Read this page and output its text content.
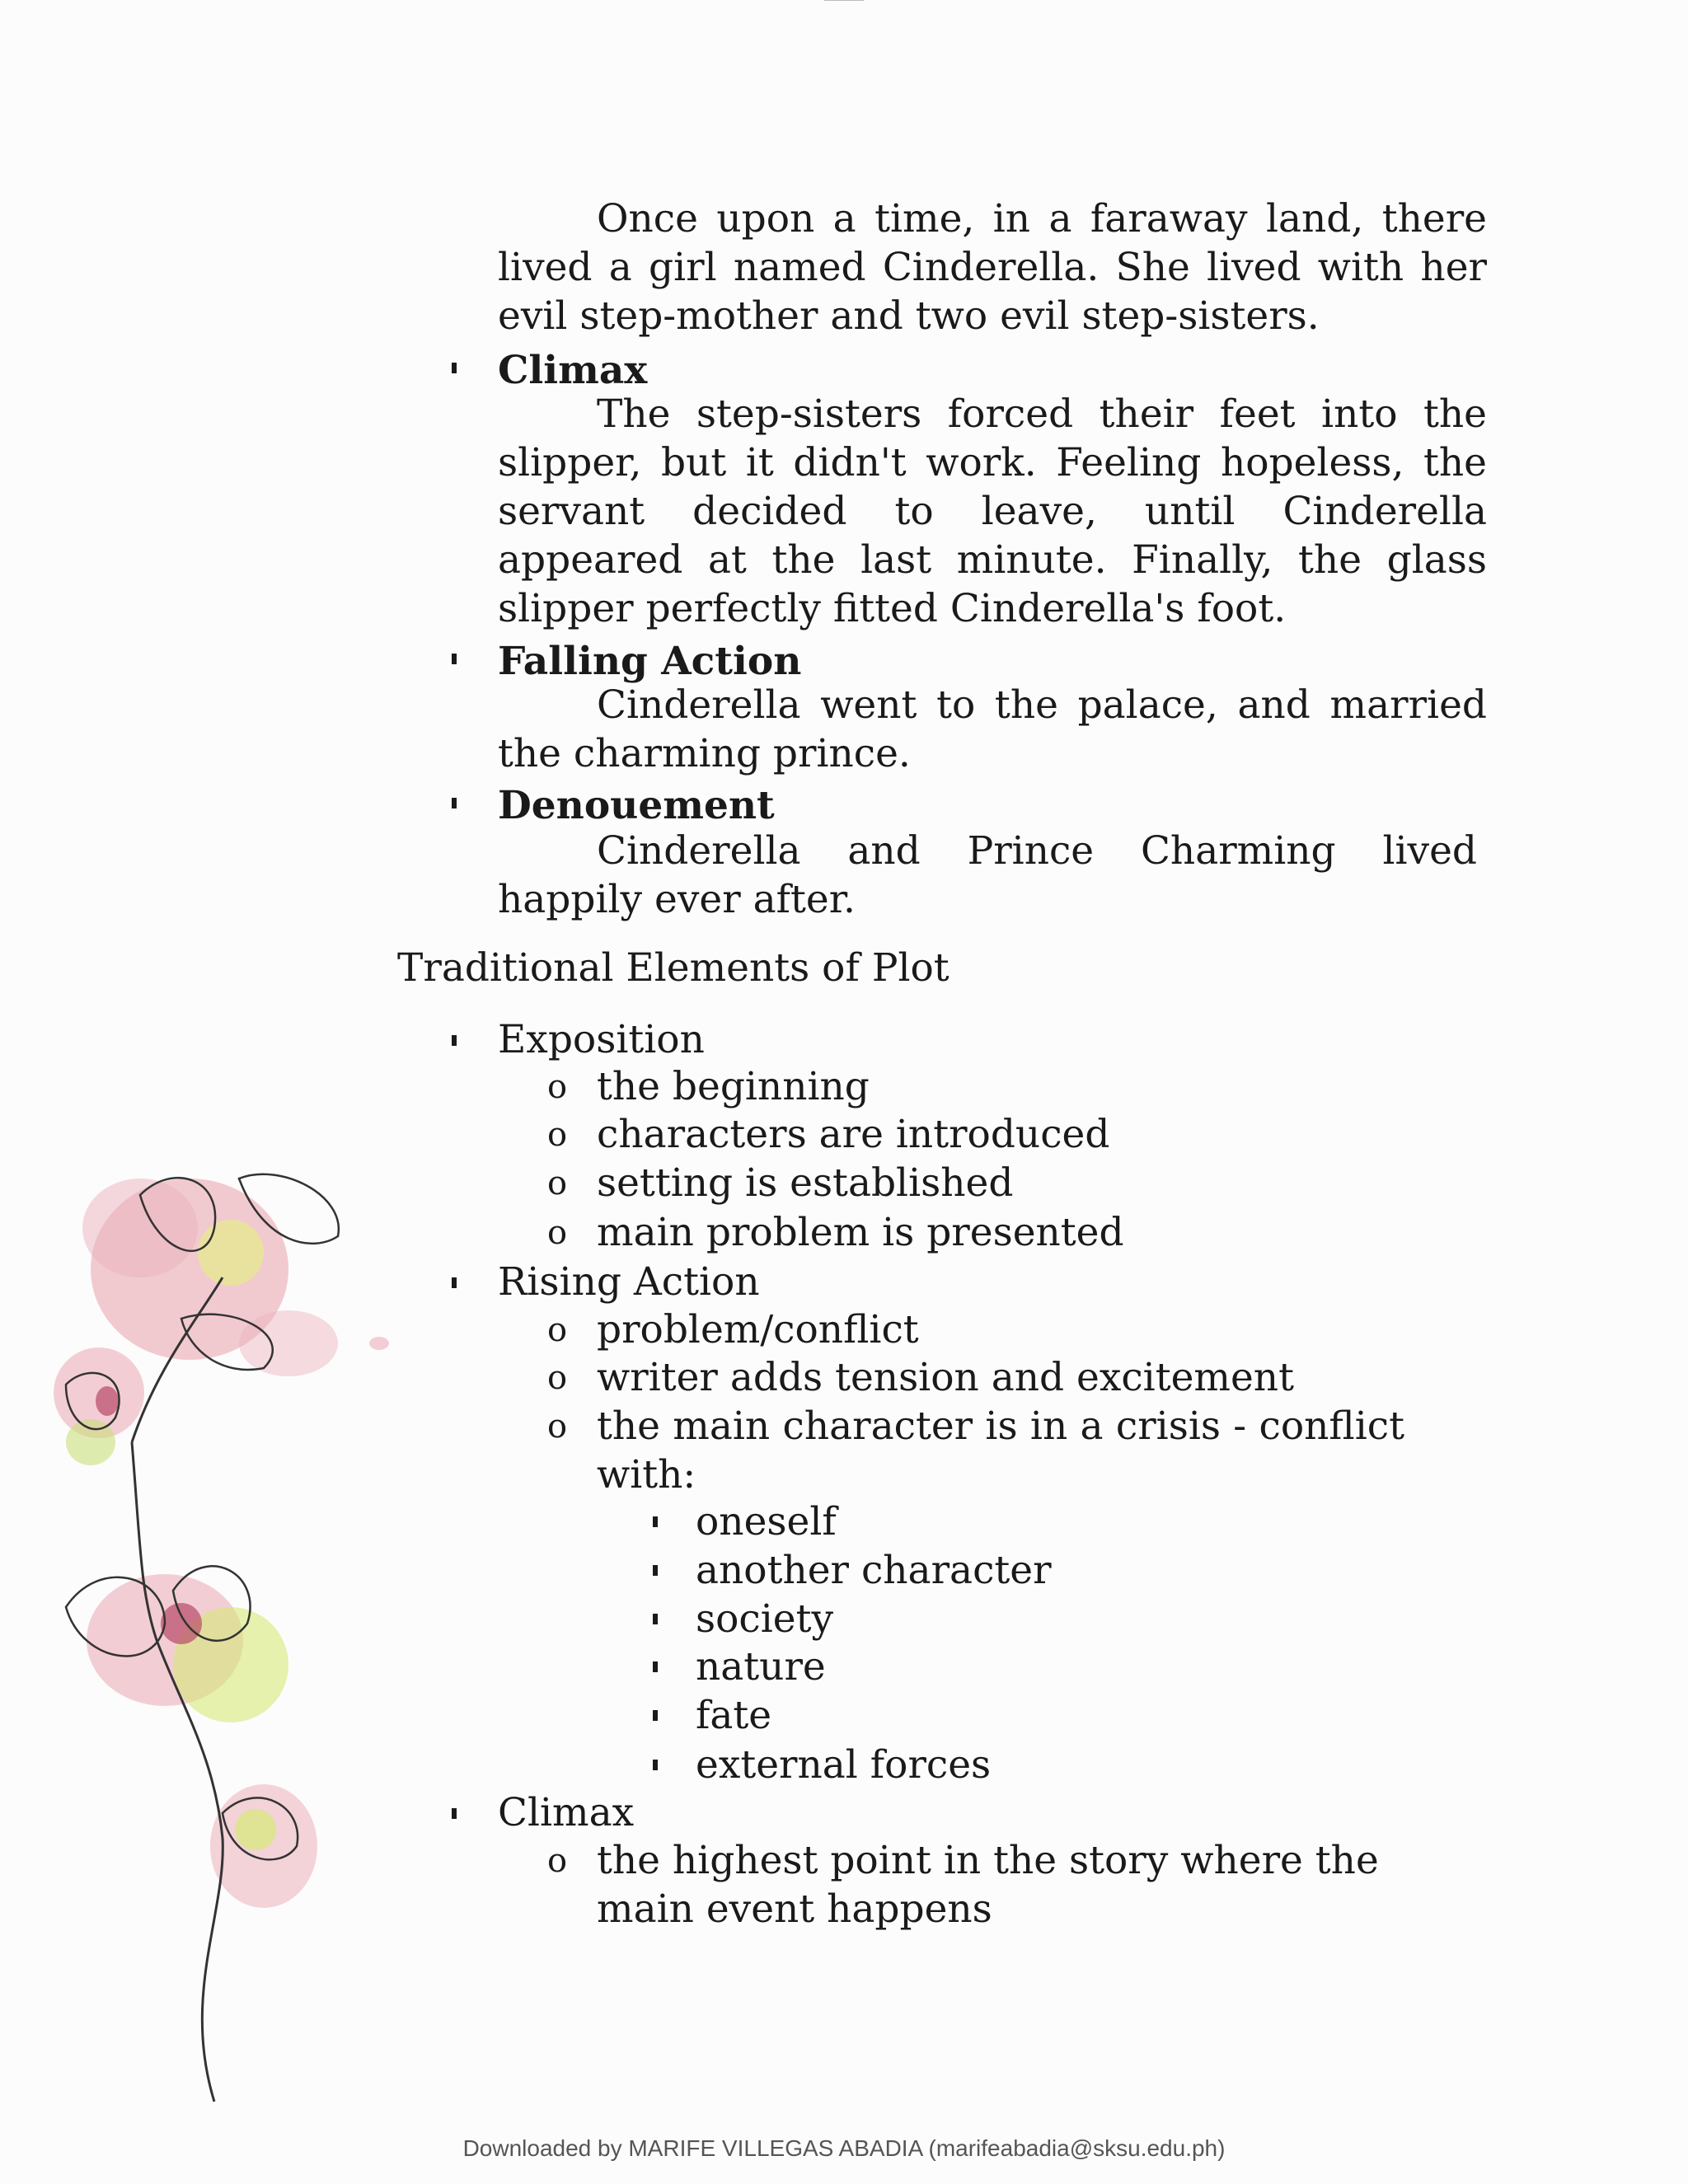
Once upon a time, in a faraway land, there lived a girl named Cinderella. She lived with her evil step-mother and two evil step-sisters.
Climax
The step-sisters forced their feet into the slipper, but it didn't work. Feeling hopeless, the servant decided to leave, until Cinderella appeared at the last minute. Finally, the glass slipper perfectly fitted Cinderella's foot.
Falling Action
Cinderella went to the palace, and married the charming prince.
Denouement
Cinderella and Prince Charming lived happily ever after.
Traditional Elements of Plot
Exposition
o the beginning
o characters are introduced
o setting is established
o main problem is presented
Rising Action
o problem/conflict
o writer adds tension and excitement
o the main character is in a crisis - conflict with:
oneself
another character
society
nature
fate
external forces
Climax
o the highest point in the story where the main event happens
Downloaded by MARIFE VILLEGAS ABADIA (marifeabadia@sksu.edu.ph)
